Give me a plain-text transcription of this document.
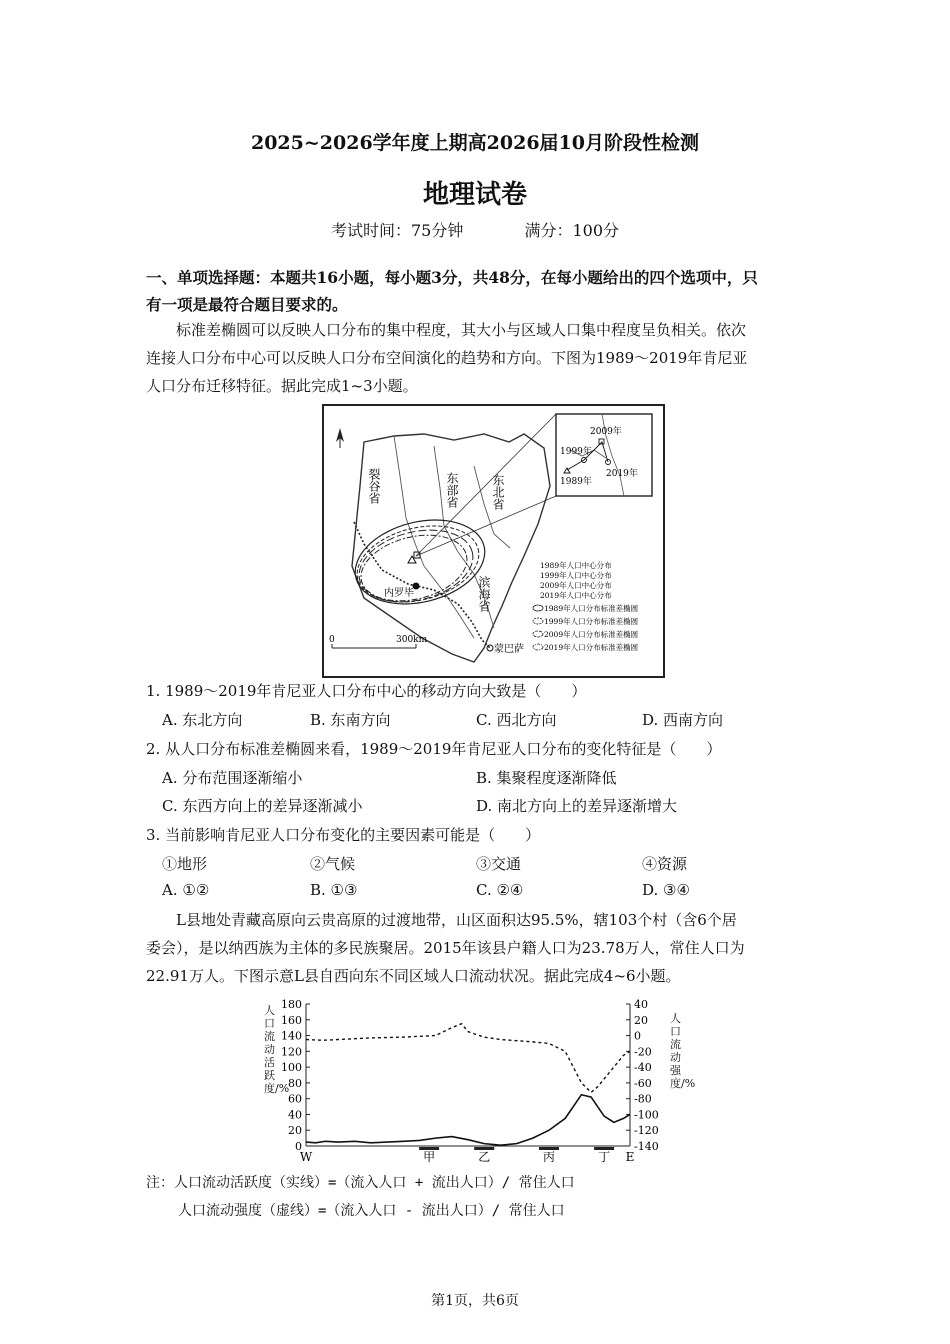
2025~2026学年度上期高2026届10月阶段性检测
地理试卷
考试时间：75分钟	满分：100分
一、单项选择题：本题共16小题，每小题3分，共48分，在每小题给出的四个选项中，只
有一项是最符合题目要求的。
标准差椭圆可以反映人口分布的集中程度，其大小与区域人口集中程度呈负相关。依次
连接人口分布中心可以反映人口分布空间演化的趋势和方向。下图为1989～2019年肯尼亚
人口分布迁移特征。据此完成1~3小题。
2009年
1999年
2019年
1989年
裂谷省	东部省	东北省
滨海省
内罗毕
蒙巴萨
0	300km
1989年人口中心分布
1999年人口中心分布
2009年人口中心分布
2019年人口中心分布
1989年人口分布标准差椭圆
1999年人口分布标准差椭圆
2009年人口分布标准差椭圆
2019年人口分布标准差椭圆
1. 1989～2019年肯尼亚人口分布中心的移动方向大致是（　　）
A. 东北方向	B. 东南方向	C. 西北方向	D. 西南方向
2. 从人口分布标准差椭圆来看，1989～2019年肯尼亚人口分布的变化特征是（　　）
A. 分布范围逐渐缩小	B. 集聚程度逐渐降低
C. 东西方向上的差异逐渐减小	D. 南北方向上的差异逐渐增大
3. 当前影响肯尼亚人口分布变化的主要因素可能是（　　）
①地形	②气候	③交通	④资源
A. ①②	B. ①③	C. ②④	D. ③④
L县地处青藏高原向云贵高原的过渡地带，山区面积达95.5%，辖103个村（含6个居
委会），是以纳西族为主体的多民族聚居。2015年该县户籍人口为23.78万人，常住人口为
22.91万人。下图示意L县自西向东不同区域人口流动状况。据此完成4~6小题。
180
160
140
120
100
80
60
40
20
0
40
20
0
-20
-40
-60
-80
-100
-120
-140
W	甲	乙	丙	丁 E
人口流动活跃度/%
人口流动强度/%
注：人口流动活跃度（实线）=（流入人口 + 流出人口）/ 常住人口
人口流动强度（虚线）=（流入人口 - 流出人口）/ 常住人口
第1页，共6页
